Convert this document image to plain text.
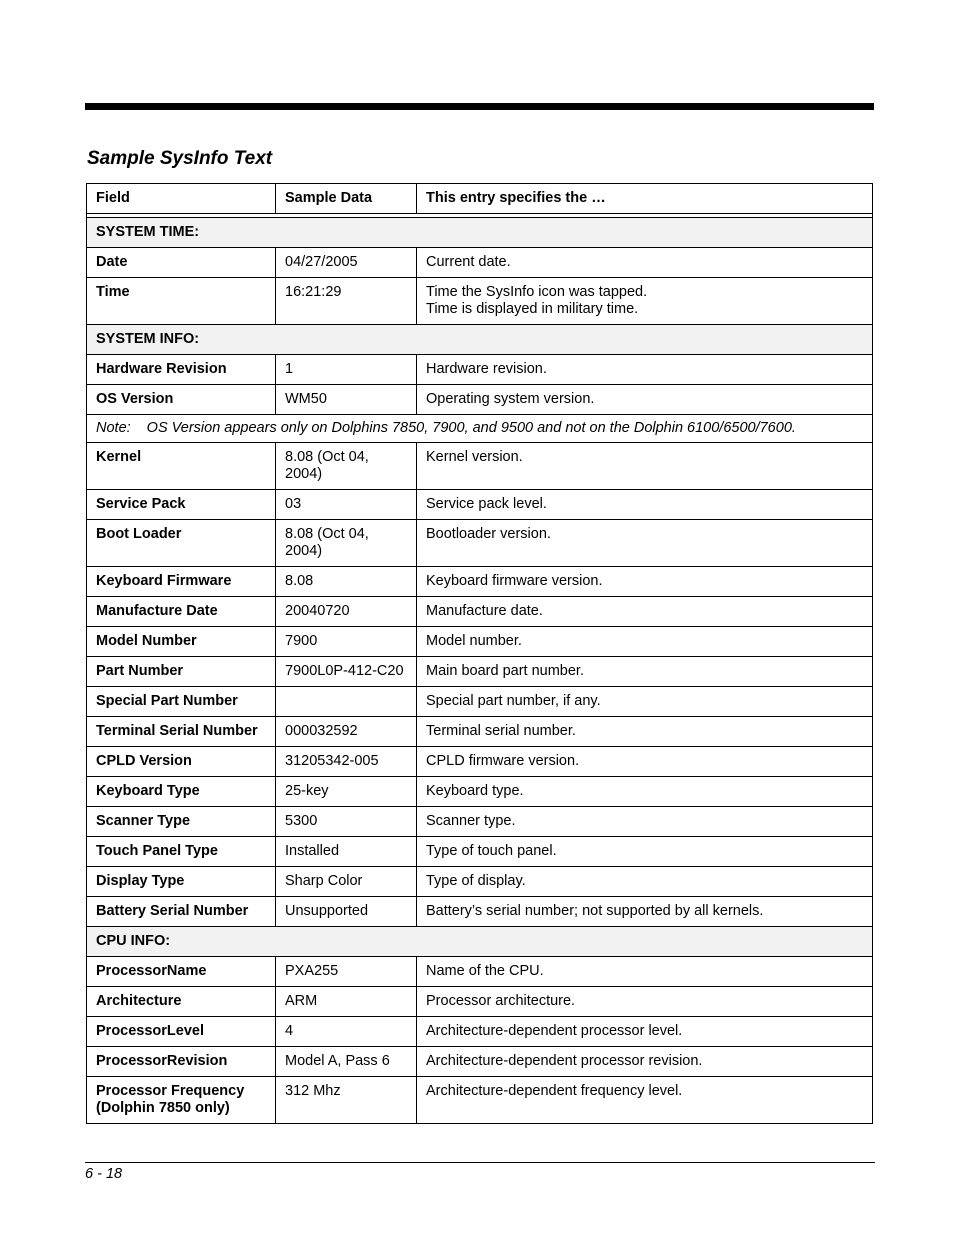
Sample SysInfo Text
Field	Sample Data	This entry specifies the …

SYSTEM TIME:		
Date	04/27/2005	Current date.
Time	16:21:29	Time the SysInfo icon was tapped.
Time is displayed in military time.
SYSTEM INFO:		
Hardware Revision	1	Hardware revision.
OS Version	WM50	Operating system version.
Note: OS Version appears only on Dolphins 7850, 7900, and 9500 and not on the Dolphin 6100/6500/7600.		
Kernel	8.08 (Oct 04, 2004)	Kernel version.
Service Pack	03	Service pack level.
Boot Loader	8.08 (Oct 04, 2004)	Bootloader version.
Keyboard Firmware	8.08	Keyboard firmware version.
Manufacture Date	20040720	Manufacture date.
Model Number	7900	Model number.
Part Number	7900L0P-412-C20	Main board part number.
Special Part Number		Special part number, if any.
Terminal Serial Number	000032592	Terminal serial number.
CPLD Version	31205342-005	CPLD firmware version.
Keyboard Type	25-key	Keyboard type.
Scanner Type	5300	Scanner type.
Touch Panel Type	Installed	Type of touch panel.
Display Type	Sharp Color	Type of display.
Battery Serial Number	Unsupported	Battery’s serial number; not supported by all kernels.
CPU INFO:		
ProcessorName	PXA255	Name of the CPU.
Architecture	ARM	Processor architecture.
ProcessorLevel	4	Architecture-dependent processor level.
ProcessorRevision	Model A, Pass 6	Architecture-dependent processor revision.
Processor Frequency
(Dolphin 7850 only)	312 Mhz	Architecture-dependent frequency level.
6 - 18
